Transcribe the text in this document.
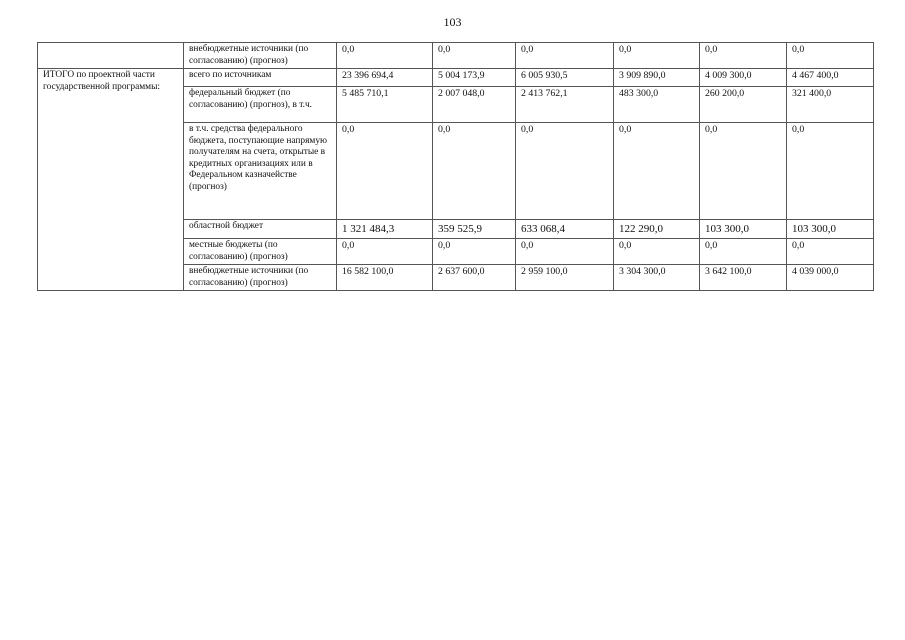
103
	внебюджетные источники (по согласованию) (прогноз)	0,0	0,0	0,0	0,0	0,0	0,0
ИТОГО по проектной части государственной программы:	всего по источникам	23 396 694,4	5 004 173,9	6 005 930,5	3 909 890,0	4 009 300,0	4 467 400,0
	федеральный бюджет (по согласованию) (прогноз), в т.ч.	5 485 710,1	2 007 048,0	2 413 762,1	483 300,0	260 200,0	321 400,0
	в т.ч. средства федерального бюджета, поступающие напрямую получателям на счета, открытые в кредитных организациях или в Федеральном казначействе (прогноз)	0,0	0,0	0,0	0,0	0,0	0,0
	областной бюджет	1 321 484,3	359 525,9	633 068,4	122 290,0	103 300,0	103 300,0
	местные бюджеты (по согласованию) (прогноз)	0,0	0,0	0,0	0,0	0,0	0,0
	внебюджетные источники (по согласованию) (прогноз)	16 582 100,0	2 637 600,0	2 959 100,0	3 304 300,0	3 642 100,0	4 039 000,0
